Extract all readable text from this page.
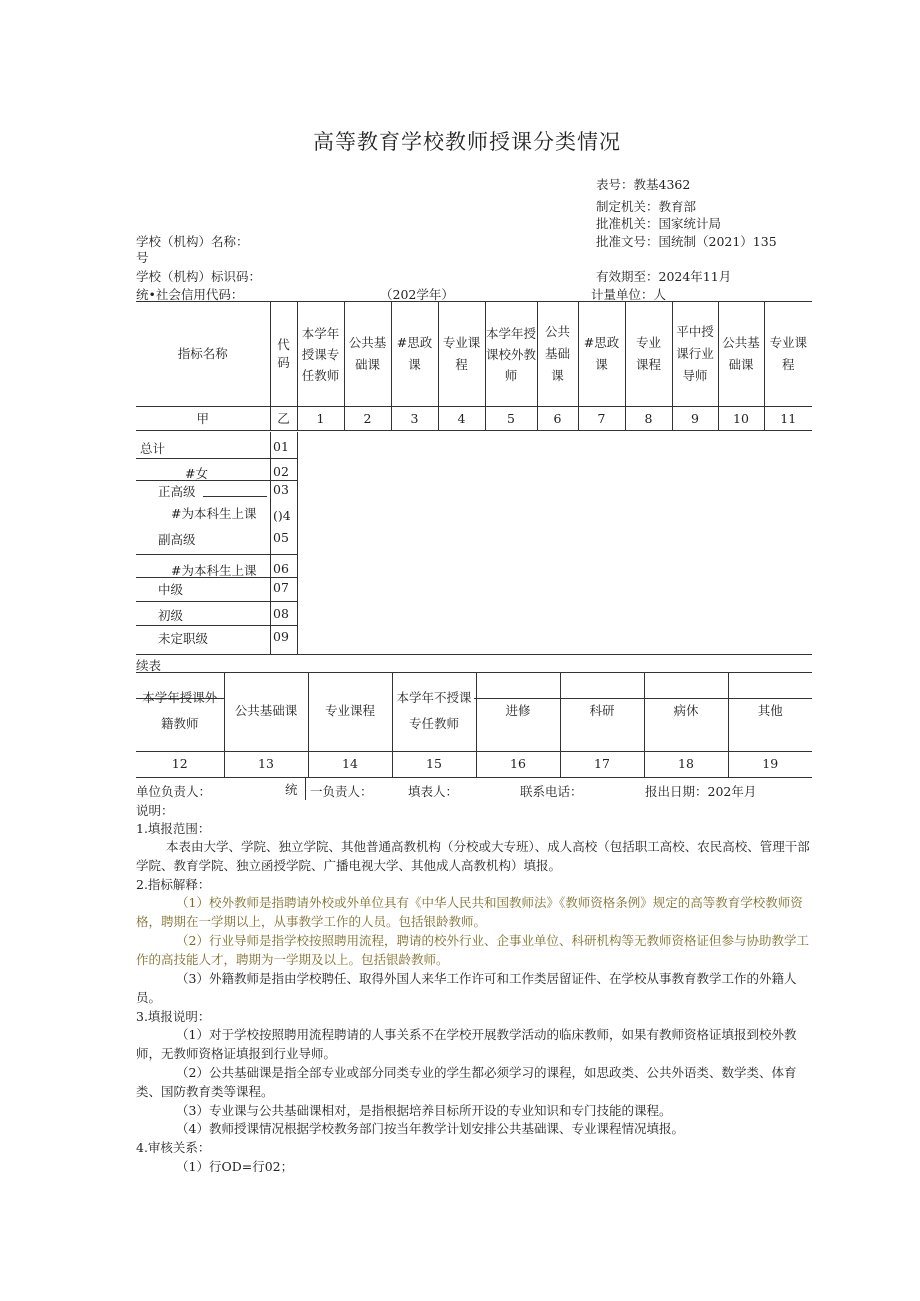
高等教育学校教师授课分类情况
表号：教基4362
制定机关：教育部
批准机关：国家统计局
批准文号：国统制（2021）135
学校（机构）名称：
号
学校（机构）标识码：	有效期至：2024年11月
统•社会信用代码：	（202学年）	计量单位：人
指标名称	代码	本学年授课专任教师	公共基础课	#思政课	专业课程	本学年授课校外教师	公共基础课	#思政课	专业课程	平中授课行业导师	公共基础课	专业课程
甲	乙	1	2	3	4	5	6	7	8	9	10	11
总计	01
#女	02
正高级	03
#为本科生上课 ()4
副高级	05
#为本科生上课 06
中级	07
初级	08
未定职级	09
续表
本学年授课外籍教师	公共基础课	专业课程	本学年不授课专任教师	进修	科研	病休	其他
12	13	14	15	16	17	18	19
单位负责人：	统 一负责人：	填表人：	联系电话：	报出日期：202年月
说明：
1.填报范围：
本表由大学、学院、独立学院、其他普通高教机构（分校或大专班）、成人高校（包括职工高校、农民高校、管理干部学院、教育学院、独立函授学院、广播电视大学、其他成人高教机构）填报。
2.指标解释：
（1）校外教师是指聘请外校或外单位具有《中华人民共和国教师法》《教师资格条例》规定的高等教育学校教师资格，聘期在一学期以上，从事教学工作的人员。包括银龄教师。
（2）行业导师是指学校按照聘用流程，聘请的校外行业、企事业单位、科研机构等无教师资格证但参与协助教学工作的高技能人才，聘期为一学期及以上。包括银龄教师。
（3）外籍教师是指由学校聘任、取得外国人来华工作许可和工作类居留证件、在学校从事教育教学工作的外籍人员。
3.填报说明：
（1）对于学校按照聘用流程聘请的人事关系不在学校开展教学活动的临床教师，如果有教师资格证填报到校外教师，无教师资格证填报到行业导师。
（2）公共基础课是指全部专业或部分同类专业的学生都必须学习的课程，如思政类、公共外语类、数学类、体育类、国防教育类等课程。
（3）专业课与公共基础课相对，是指根据培养目标所开设的专业知识和专门技能的课程。
（4）教师授课情况根据学校教务部门按当年教学计划安排公共基础课、专业课程情况填报。
4.审核关系：
（1）行OD=行02；
